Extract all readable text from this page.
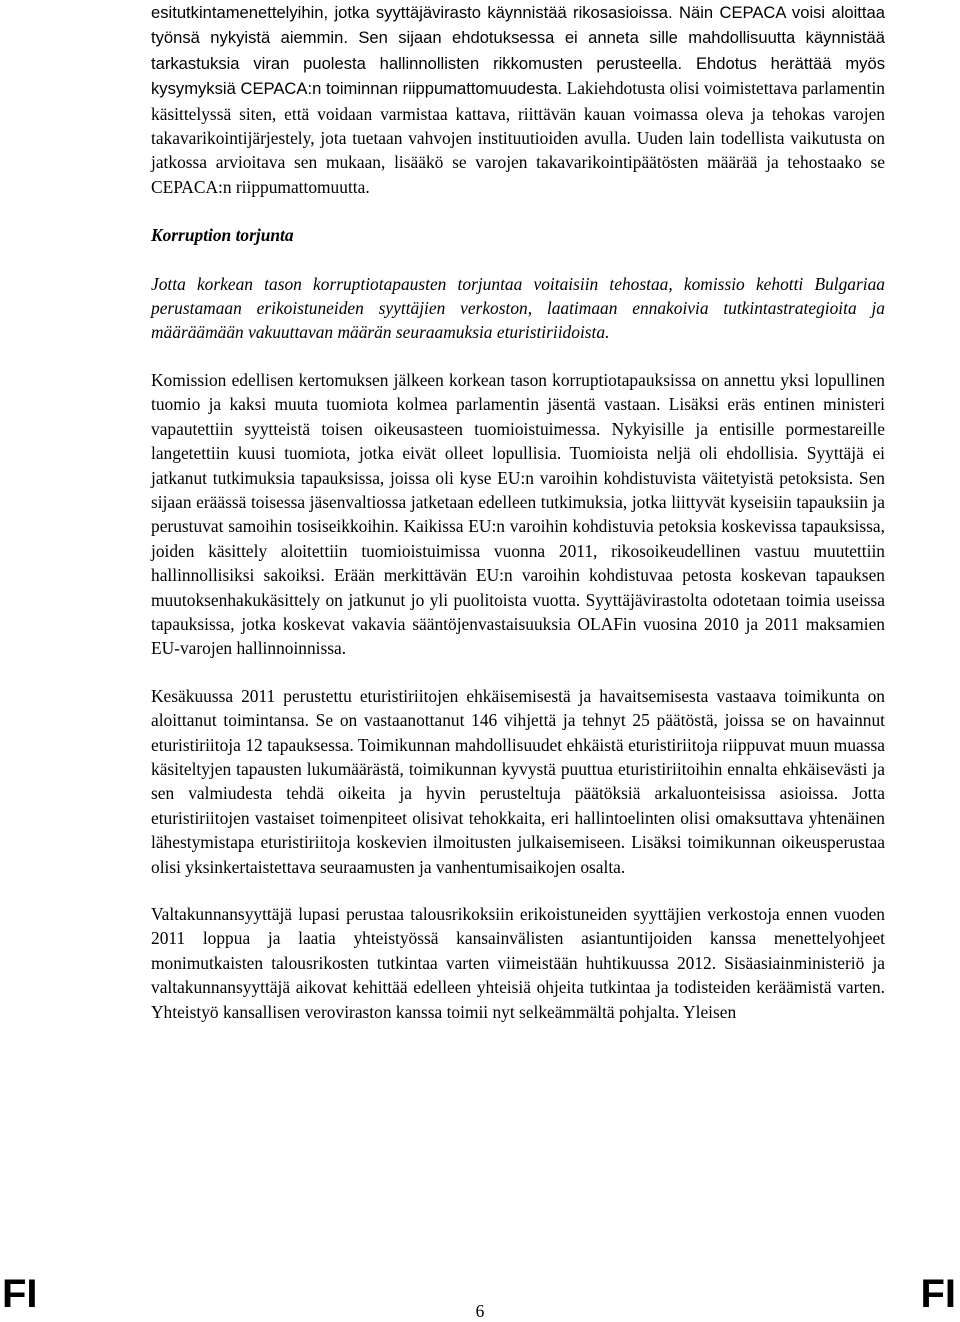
esitutkintamenettelyihin, jotka syyttäjävirasto käynnistää rikosasioissa. Näin CEPACA voisi aloittaa työnsä nykyistä aiemmin. Sen sijaan ehdotuksessa ei anneta sille mahdollisuutta käynnistää tarkastuksia viran puolesta hallinnollisten rikkomusten perusteella. Ehdotus herättää myös kysymyksiä CEPACA:n toiminnan riippumattomuudesta. Lakiehdotusta olisi voimistettava parlamentin käsittelyssä siten, että voidaan varmistaa kattava, riittävän kauan voimassa oleva ja tehokas varojen takavarikointijärjestely, jota tuetaan vahvojen instituutioiden avulla. Uuden lain todellista vaikutusta on jatkossa arvioitava sen mukaan, lisääkö se varojen takavarikointipäätösten määrää ja tehostaako se CEPACA:n riippumattomuutta.

Korruption torjunta

Jotta korkean tason korruptiotapausten torjuntaa voitaisiin tehostaa, komissio kehotti Bulgariaa perustamaan erikoistuneiden syyttäjien verkoston, laatimaan ennakoivia tutkintastrategioita ja määräämään vakuuttavan määrän seuraamuksia eturistiriidoista.

Komission edellisen kertomuksen jälkeen korkean tason korruptiotapauksissa on annettu yksi lopullinen tuomio ja kaksi muuta tuomiota kolmea parlamentin jäsentä vastaan. Lisäksi eräs entinen ministeri vapautettiin syytteistä toisen oikeusasteen tuomioistuimessa. Nykyisille ja entisille pormestareille langetettiin kuusi tuomiota, jotka eivät olleet lopullisia. Tuomioista neljä oli ehdollisia. Syyttäjä ei jatkanut tutkimuksia tapauksissa, joissa oli kyse EU:n varoihin kohdistuvista väitetyistä petoksista. Sen sijaan eräässä toisessa jäsenvaltiossa jatketaan edelleen tutkimuksia, jotka liittyvät kyseisiin tapauksiin ja perustuvat samoihin tosiseikkoihin. Kaikissa EU:n varoihin kohdistuvia petoksia koskevissa tapauksissa, joiden käsittely aloitettiin tuomioistuimissa vuonna 2011, rikosoikeudellinen vastuu muutettiin hallinnollisiksi sakoiksi. Erään merkittävän EU:n varoihin kohdistuvaa petosta koskevan tapauksen muutoksenhakukäsittely on jatkunut jo yli puolitoista vuotta. Syyttäjävirastolta odotetaan toimia useissa tapauksissa, jotka koskevat vakavia sääntöjenvastaisuuksia OLAFin vuosina 2010 ja 2011 maksamien EU-varojen hallinnoinnissa.

Kesäkuussa 2011 perustettu eturistiriitojen ehkäisemisestä ja havaitsemisesta vastaava toimikunta on aloittanut toimintansa. Se on vastaanottanut 146 vihjettä ja tehnyt 25 päätöstä, joissa se on havainnut eturistiriitoja 12 tapauksessa. Toimikunnan mahdollisuudet ehkäistä eturistiriitoja riippuvat muun muassa käsiteltyjen tapausten lukumäärästä, toimikunnan kyvystä puuttua eturistiriitoihin ennalta ehkäisevästi ja sen valmiudesta tehdä oikeita ja hyvin perusteltuja päätöksiä arkaluonteisissa asioissa. Jotta eturistiriitojen vastaiset toimenpiteet olisivat tehokkaita, eri hallintoelinten olisi omaksuttava yhtenäinen lähestymistapa eturistiriitoja koskevien ilmoitusten julkaisemiseen. Lisäksi toimikunnan oikeusperustaa olisi yksinkertaistettava seuraamusten ja vanhentumisaikojen osalta.

Valtakunnansyyttäjä lupasi perustaa talousrikoksiin erikoistuneiden syyttäjien verkostoja ennen vuoden 2011 loppua ja laatia yhteistyössä kansainvälisten asiantuntijoiden kanssa menettelyohjeet monimutkaisten talousrikosten tutkintaa varten viimeistään huhtikuussa 2012. Sisäasiainministeriö ja valtakunnansyyttäjä aikovat kehittää edelleen yhteisiä ohjeita tutkintaa ja todisteiden keräämistä varten. Yhteistyö kansallisen veroviraston kanssa toimii nyt selkeämmältä pohjalta. Yleisen

FI	6	FI
